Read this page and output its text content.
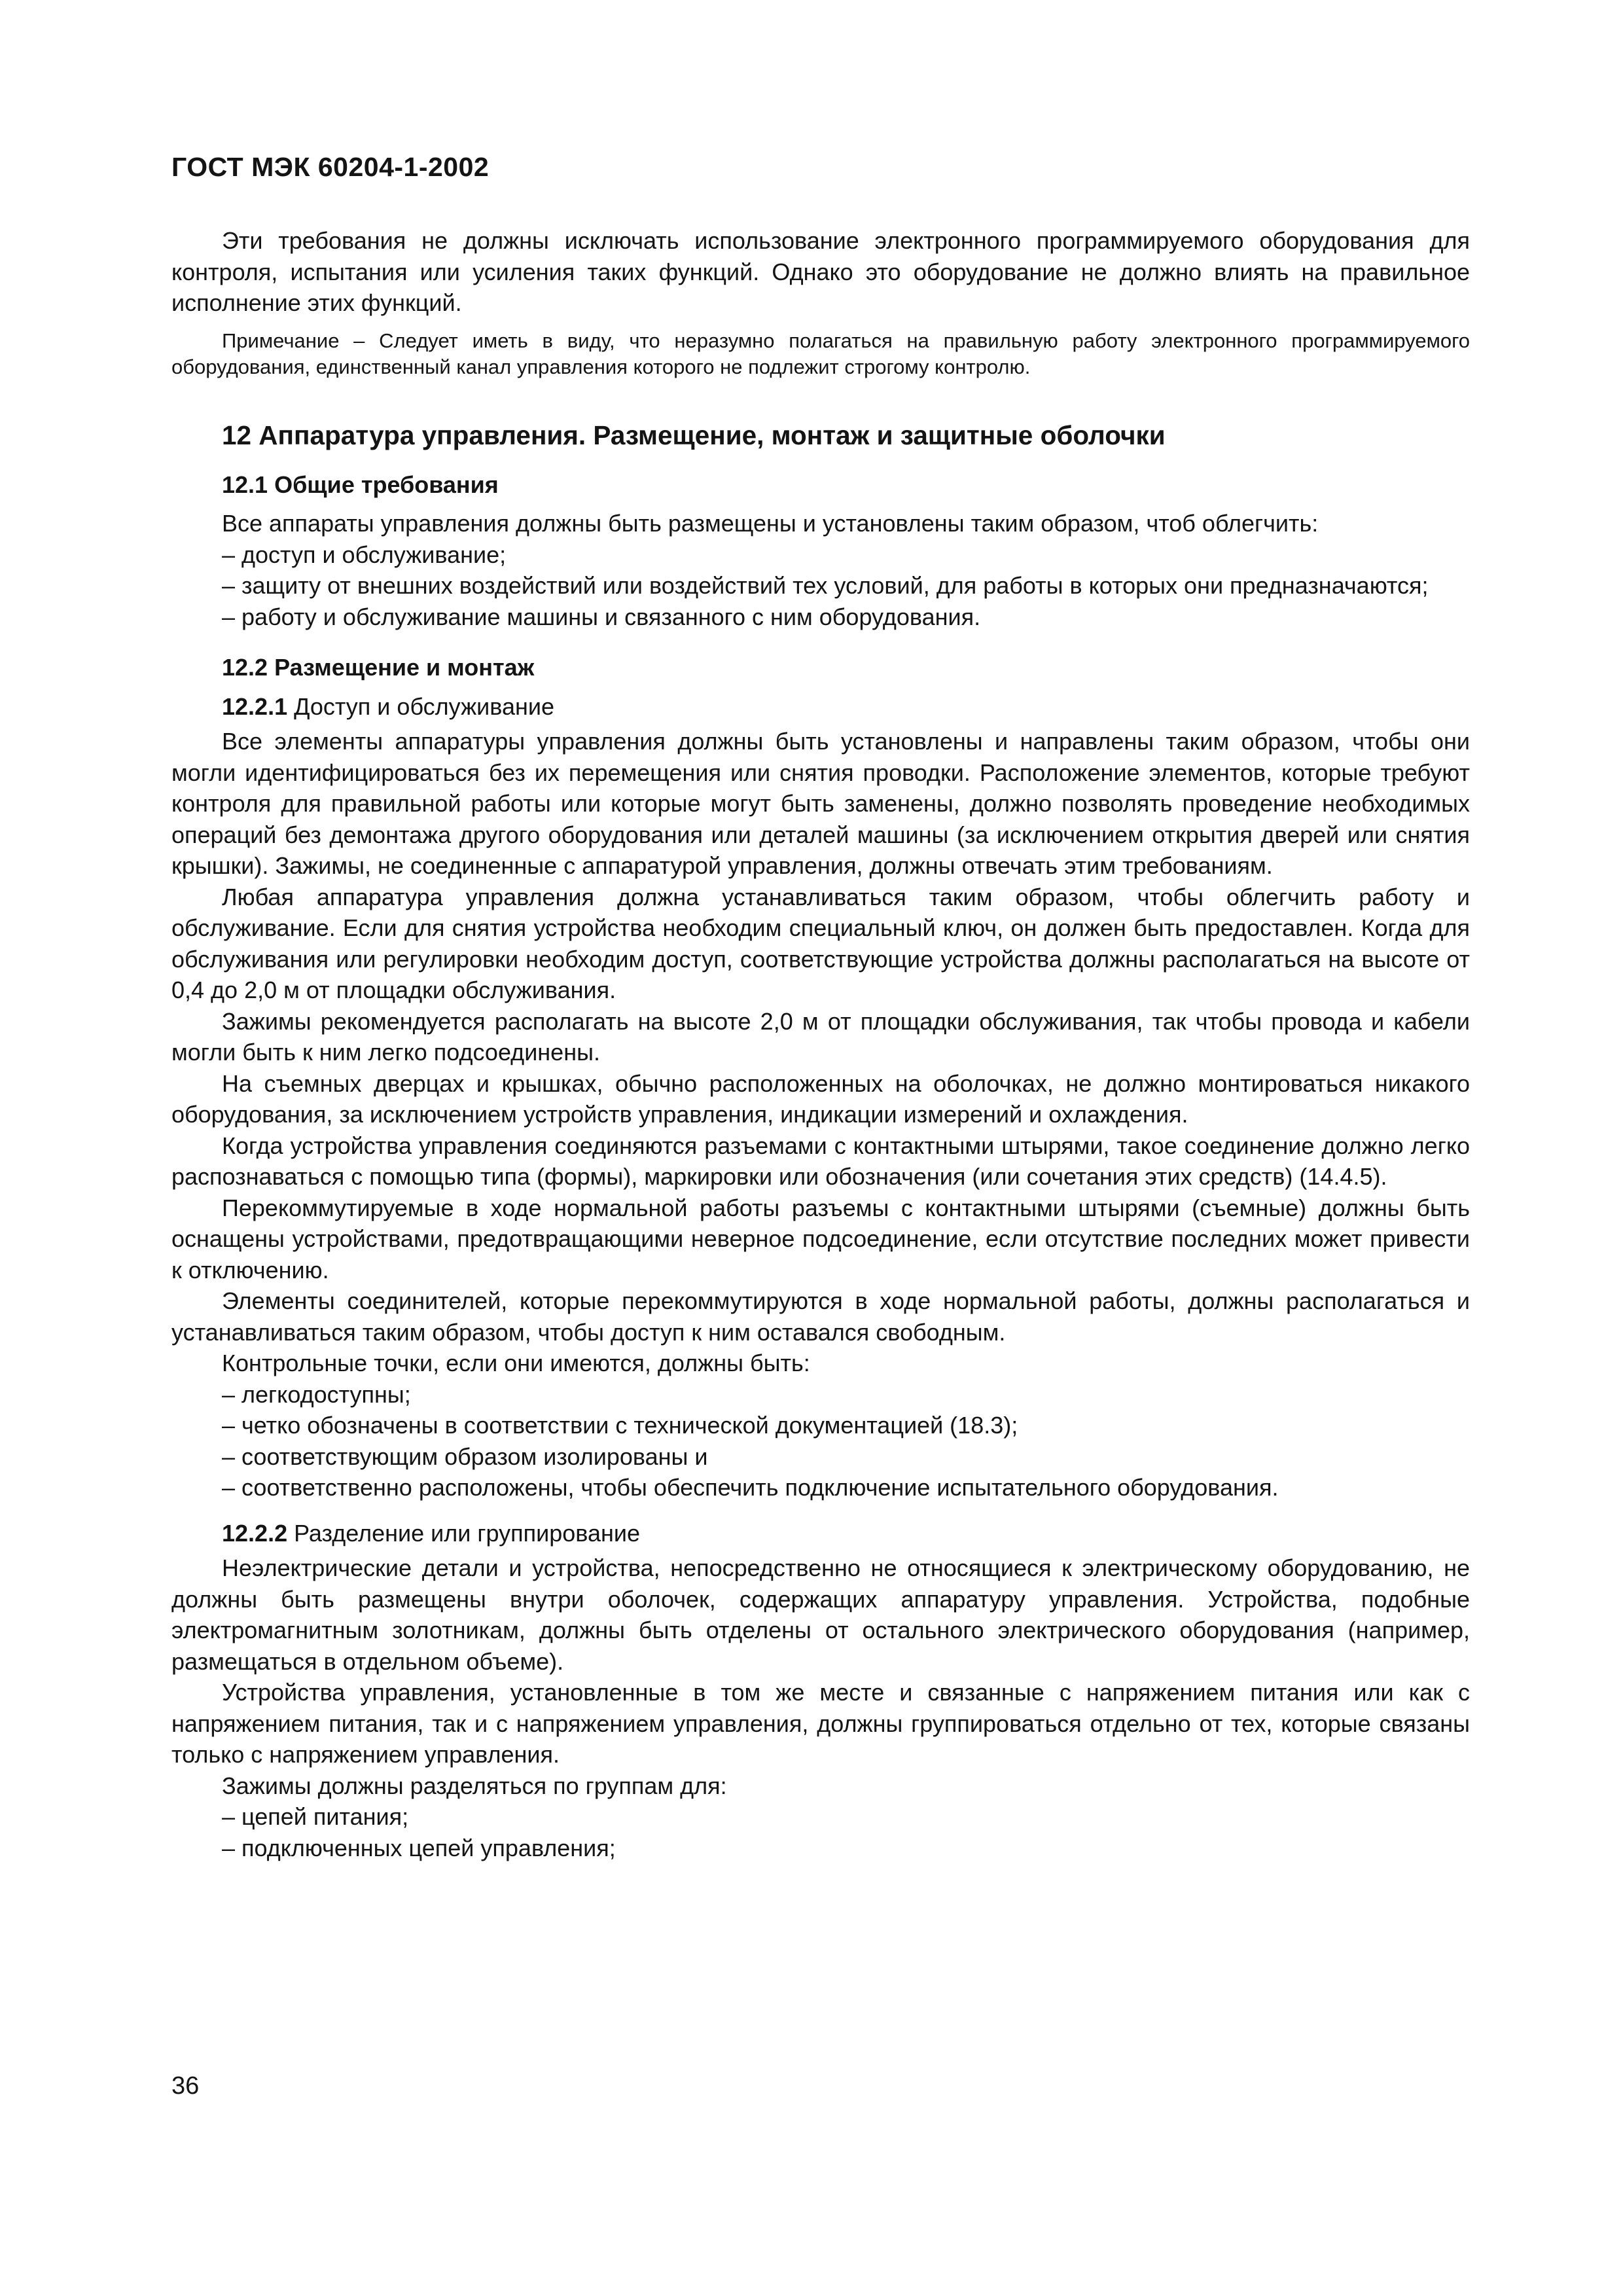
ГОСТ МЭК 60204-1-2002

Эти требования не должны исключать использование электронного программируемого оборудования для контроля, испытания или усиления таких функций. Однако это оборудование не должно влиять на правильное исполнение этих функций.

Примечание – Следует иметь в виду, что неразумно полагаться на правильную работу электронного программируемого оборудования, единственный канал управления которого не подлежит строгому контролю.

12 Аппаратура управления. Размещение, монтаж и защитные оболочки
12.1 Общие требования

Все аппараты управления должны быть размещены и установлены таким образом, чтоб облегчить:

– доступ и обслуживание;

– защиту от внешних воздействий или воздействий тех условий, для работы в которых они предназначаются;

– работу и обслуживание машины и связанного с ним оборудования.

12.2 Размещение и монтаж
12.2.1 Доступ и обслуживание

Все элементы аппаратуры управления должны быть установлены и направлены таким образом, чтобы они могли идентифицироваться без их перемещения или снятия проводки. Расположение элементов, которые требуют контроля для правильной работы или которые могут быть заменены, должно позволять проведение необходимых операций без демонтажа другого оборудования или деталей машины (за исключением открытия дверей или снятия крышки). Зажимы, не соединенные с аппаратурой управления, должны отвечать этим требованиям.

Любая аппаратура управления должна устанавливаться таким образом, чтобы облегчить работу и обслуживание. Если для снятия устройства необходим специальный ключ, он должен быть предоставлен. Когда для обслуживания или регулировки необходим доступ, соответствующие устройства должны располагаться на высоте от 0,4 до 2,0 м от площадки обслуживания.

Зажимы рекомендуется располагать на высоте 2,0 м от площадки обслуживания, так чтобы провода и кабели могли быть к ним легко подсоединены.

На съемных дверцах и крышках, обычно расположенных на оболочках, не должно монтироваться никакого оборудования, за исключением устройств управления, индикации измерений и охлаждения.

Когда устройства управления соединяются разъемами с контактными штырями, такое соединение должно легко распознаваться с помощью типа (формы), маркировки или обозначения (или сочетания этих средств) (14.4.5).

Перекоммутируемые в ходе нормальной работы разъемы с контактными штырями (съемные) должны быть оснащены устройствами, предотвращающими неверное подсоединение, если отсутствие последних может привести к отключению.

Элементы соединителей, которые перекоммутируются в ходе нормальной работы, должны располагаться и устанавливаться таким образом, чтобы доступ к ним оставался свободным.

Контрольные точки, если они имеются, должны быть:

– легкодоступны;

– четко обозначены в соответствии с технической документацией (18.3);

– соответствующим образом изолированы и

– соответственно расположены, чтобы обеспечить подключение испытательного оборудования.

12.2.2 Разделение или группирование

Неэлектрические детали и устройства, непосредственно не относящиеся к электрическому оборудованию, не должны быть размещены внутри оболочек, содержащих аппаратуру управления. Устройства, подобные электромагнитным золотникам, должны быть отделены от остального электрического оборудования (например, размещаться в отдельном объеме).

Устройства управления, установленные в том же месте и связанные с напряжением питания или как с напряжением питания, так и с напряжением управления, должны группироваться отдельно от тех, которые связаны только с напряжением управления.

Зажимы должны разделяться по группам для:

– цепей питания;

– подключенных цепей управления;

36
